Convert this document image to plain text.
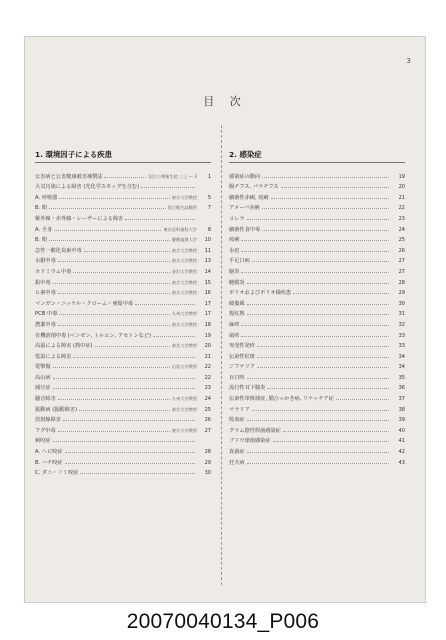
3
目 次
1. 環境因子による疾患
公害病と公害健康被害補償法	国立公衆衛生院 三上 — 3	1
大気汚染による障害 (光化学スモッグを含む)
A. 呼吸器	東京大学教授	5
B. 眼	国立衛生試験所	7
紫外線・赤外線・レーザーによる障害
A. 全身	東京医科歯科大学	8
B. 眼	慶應義塾大学	10
急性一酸化炭素中毒	東京大学教授	11
水銀中毒	東京大学教授	13
カドミウム中毒	金沢大学教授	14
鉛中毒	東京大学教授	15
ヒ素中毒	東京大学教授	16
マンガン・ニッケル・クローム・亜鉛中毒	17
PCB 中毒	九州大学教授	17
農薬中毒	東京大学教授	18
有機溶剤中毒 (ベンゼン, トルエン, アセトンなど)	19
高温による障害 (熱中症)	東北大学教授	20
低温による障害	21
電撃傷	広島大学教授	22
高山病	22
減圧症	23
騒音障害	九州大学教授	24
振動病 (振動障害)	東京大学教授	25
放射線障害	26
フグ中毒	東京大学教授	27
刺咬症
A. へビ咬症	28
B. ハチ咬症	29
C. ダニ・ノミ咬症	30
2. 感染症
感染症の動向	19
腸チフス, パラチフス	20
細菌性赤痢, 疫痢	21
アメーバ赤痢	22
コレラ	23
細菌性食中毒	24
疫痢	25
水痘	26
手足口病	27
脳炎	27
髄膜炎	28
ポリオおよびポリオ様疾患	29
破傷風	30
猩紅熱	31
麻疹	32
風疹	33
突発性発疹	33
伝染性紅斑	34
ジフテリア	34
百日咳	35
流行性耳下腺炎	36
伝染性単核球症, 猫ひっかき病, リケッチア症	37
マラリア	38
敗血症	39
グラム陰性桿菌感染症	40
ブドウ球菌感染症	41
真菌症	42
狂犬病	43
20070040134_P006
